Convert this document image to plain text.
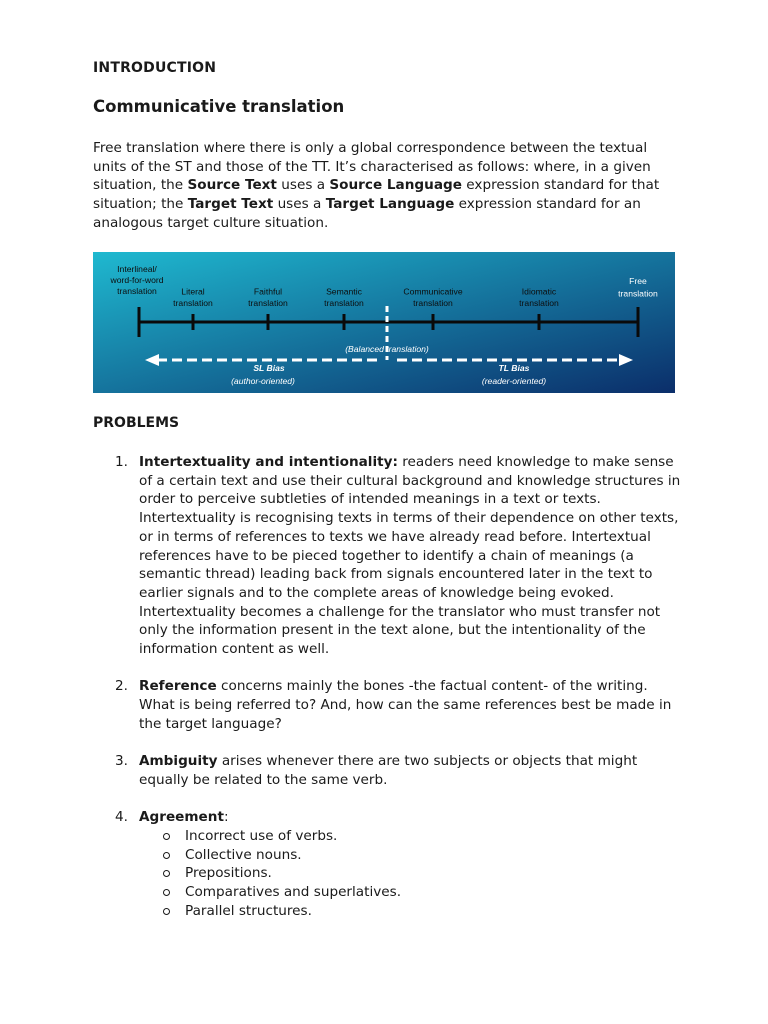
INTRODUCTION
Communicative translation

Free translation where there is only a global correspondence between the textual units of the ST and those of the TT. It’s characterised as follows: where, in a given situation, the Source Text uses a Source Language expression standard for that situation; the Target Text uses a Target Language expression standard for an analogous target culture situation.

Interlineal/
word-for-word
translation	Literal
translation
Faithful
translation
Semantic
translation
Communicative
translation
Idiomatic
translation
Free
translation
(Balanced translation)
SL Bias
(author-oriented)
TL Bias
(reader-oriented)
PROBLEMS
1. Intertextuality and intentionality: readers need knowledge to make sense of a certain text and use their cultural background and knowledge structures in order to perceive subtleties of intended meanings in a text or texts. Intertextuality is recognising texts in terms of their dependence on other texts, or in terms of references to texts we have already read before. Intertextual references have to be pieced together to identify a chain of meanings (a semantic thread) leading back from signals encountered later in the text to earlier signals and to the complete areas of knowledge being evoked. Intertextuality becomes a challenge for the translator who must transfer not only the information present in the text alone, but the intentionality of the information content as well.
2. Reference concerns mainly the bones -the factual content- of the writing. What is being referred to? And, how can the same references best be made in the target language?
3. Ambiguity arises whenever there are two subjects or objects that might equally be related to the same verb.
4. Agreement:
Incorrect use of verbs.
Collective nouns.
Prepositions.
Comparatives and superlatives.
Parallel structures.
